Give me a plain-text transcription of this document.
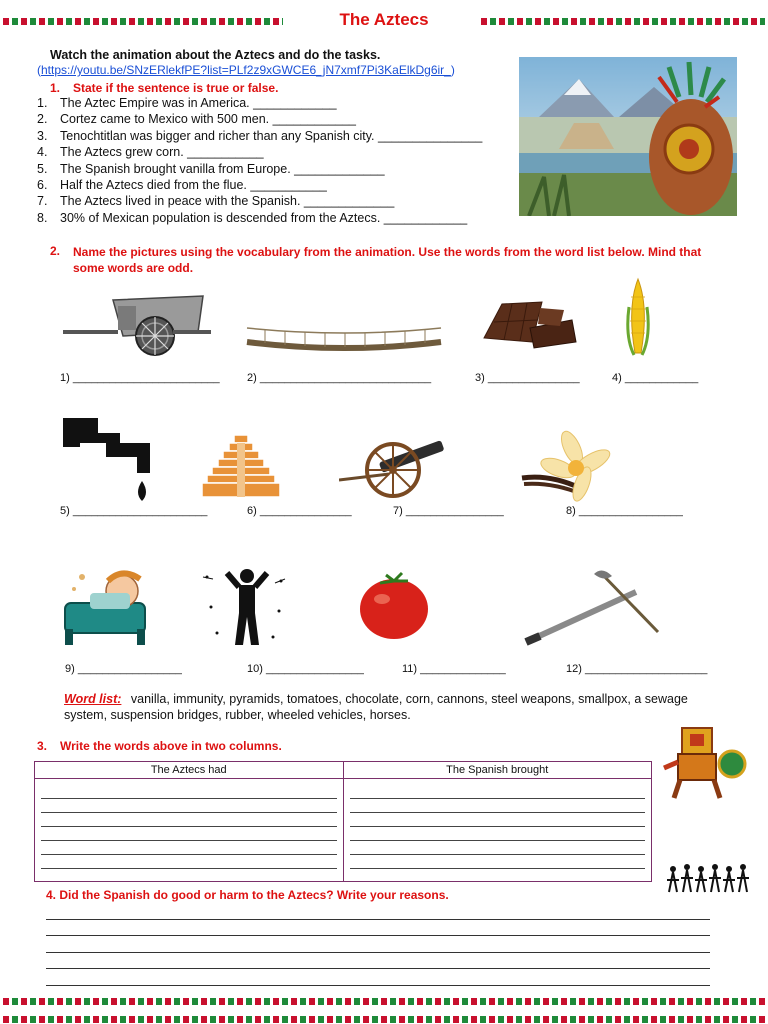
The Aztecs
Watch the animation about the Aztecs and do the tasks.
(https://youtu.be/SNzERlekfPE?list=PLf2z9xGWCE6_jN7xmf7Pi3KaElkDg6ir_)
1. State if the sentence is true or false.
1.	The Aztec Empire was in America. ____________
2.	Cortez came to Mexico with 500 men. ____________
3.	Tenochtitlan was bigger and richer than any Spanish city. _______________
4.	The Aztecs grew corn. ___________
5.	The Spanish brought vanilla from Europe. _____________
6.	Half the Aztecs died from the flue. ___________
7.	The Aztecs lived in peace with the Spanish. _____________
8.	30% of Mexican population is descended from the Aztecs. ____________
2. Name the pictures using the vocabulary from the animation. Use the words from the word list below. Mind that some words are odd.
1) ________________________ 2) ____________________________	3) _______________	4) ____________
5) ______________________	6) _______________	7) ________________	8) _________________
9) _________________	10) ________________	11) ______________	12) ____________________
Word list: vanilla, immunity, pyramids, tomatoes, chocolate, corn, cannons, steel weapons, smallpox, a sewage system, suspension bridges, rubber, wheeled vehicles, horses.
3. Write the words above in two columns.
The Aztecs had	The Spanish brought

4. Did the Spanish do good or harm to the Aztecs? Write your reasons.
